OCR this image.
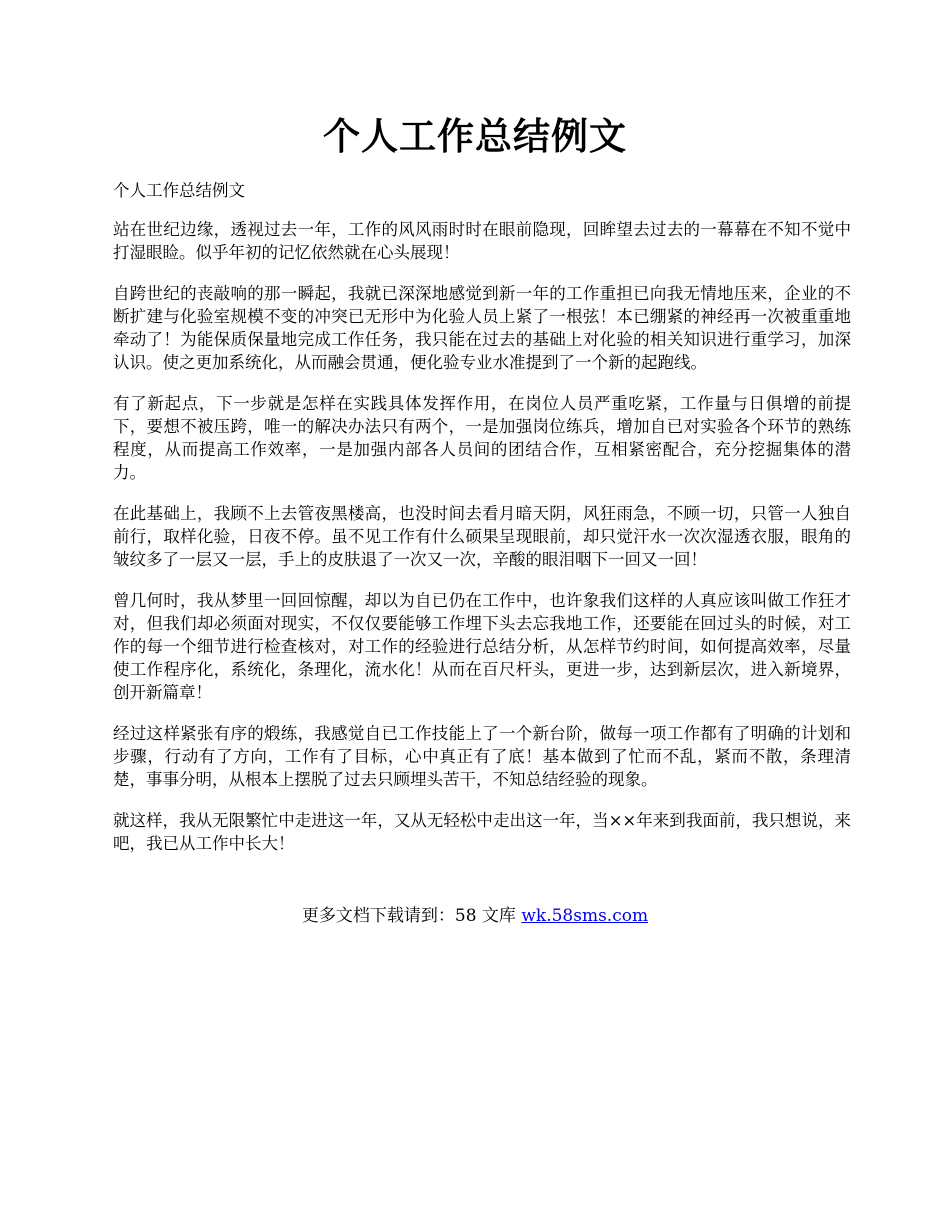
个人工作总结例文

个人工作总结例文

站在世纪边缘，透视过去一年，工作的风风雨时时在眼前隐现，回眸望去过去的一幕幕在不知不觉中打湿眼睑。似乎年初的记忆依然就在心头展现！

自跨世纪的丧敲响的那一瞬起，我就已深深地感觉到新一年的工作重担已向我无情地压来，企业的不断扩建与化验室规模不变的冲突已无形中为化验人员上紧了一根弦！本已绷紧的神经再一次被重重地牵动了！为能保质保量地完成工作任务，我只能在过去的基础上对化验的相关知识进行重学习，加深认识。使之更加系统化，从而融会贯通，便化验专业水准提到了一个新的起跑线。

有了新起点，下一步就是怎样在实践具体发挥作用，在岗位人员严重吃紧，工作量与日俱增的前提下，要想不被压跨，唯一的解决办法只有两个，一是加强岗位练兵，增加自已对实验各个环节的熟练程度，从而提高工作效率，一是加强内部各人员间的团结合作，互相紧密配合，充分挖掘集体的潜力。

在此基础上，我顾不上去管夜黑楼高，也没时间去看月暗天阴，风狂雨急，不顾一切，只管一人独自前行，取样化验，日夜不停。虽不见工作有什么硕果呈现眼前，却只觉汗水一次次湿透衣服，眼角的皱纹多了一层又一层，手上的皮肤退了一次又一次，辛酸的眼泪咽下一回又一回！

曾几何时，我从梦里一回回惊醒，却以为自已仍在工作中，也许象我们这样的人真应该叫做工作狂才对，但我们却必须面对现实，不仅仅要能够工作埋下头去忘我地工作，还要能在回过头的时候，对工作的每一个细节进行检查核对，对工作的经验进行总结分析，从怎样节约时间，如何提高效率，尽量使工作程序化，系统化，条理化，流水化！从而在百尺杆头，更进一步，达到新层次，进入新境界，创开新篇章！

经过这样紧张有序的煅练，我感觉自已工作技能上了一个新台阶，做每一项工作都有了明确的计划和步骤，行动有了方向，工作有了目标，心中真正有了底！基本做到了忙而不乱，紧而不散，条理清楚，事事分明，从根本上摆脱了过去只顾埋头苦干，不知总结经验的现象。

就这样，我从无限繁忙中走进这一年，又从无轻松中走出这一年，当××年来到我面前，我只想说，来吧，我已从工作中长大！

更多文档下载请到：58 文库 wk.58sms.com
